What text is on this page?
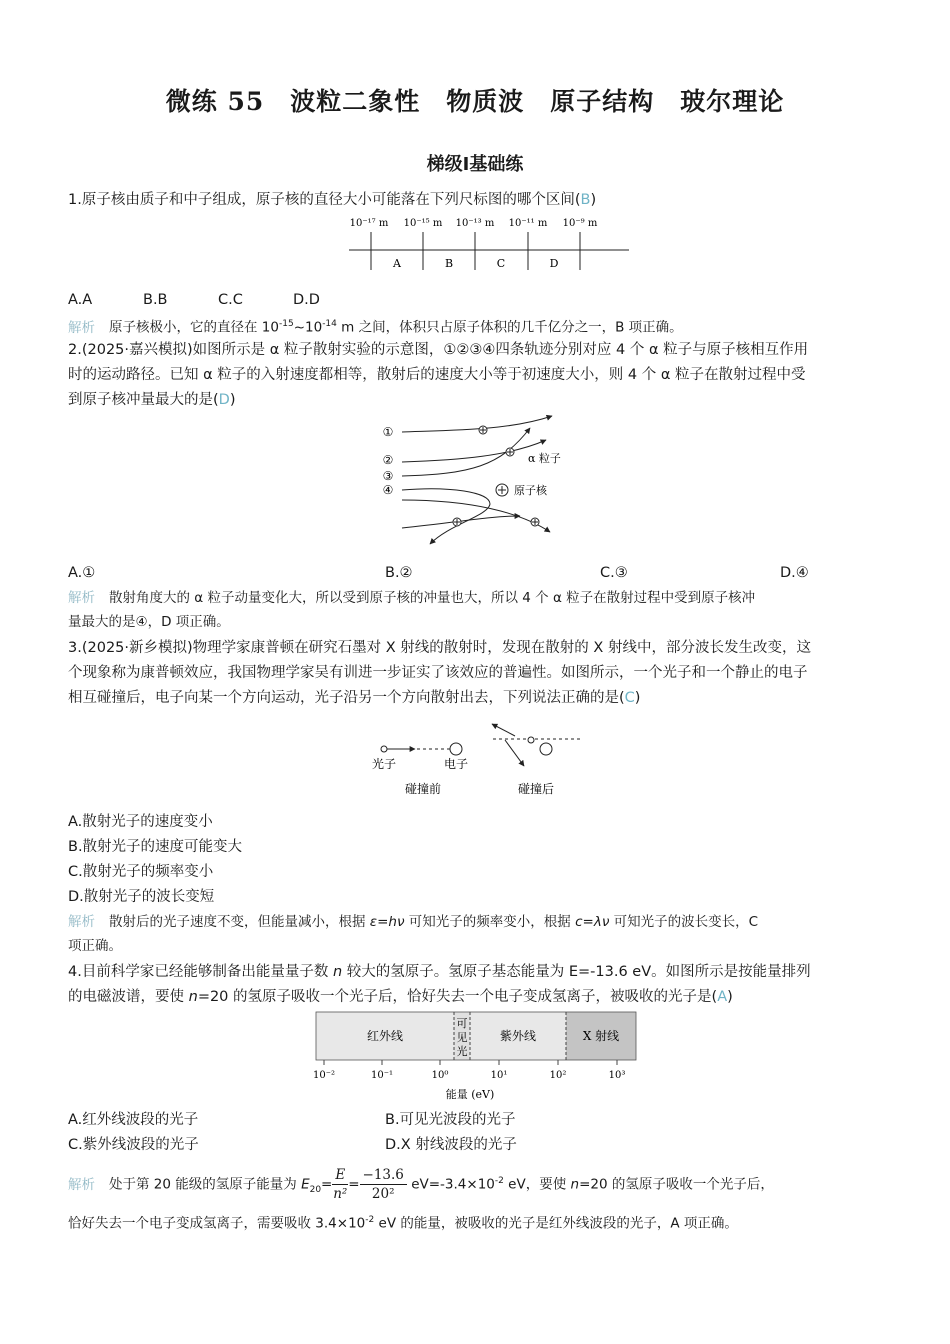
微练 55　波粒二象性　物质波　原子结构　玻尔理论
梯级Ⅰ基础练
1.原子核由质子和中子组成，原子核的直径大小可能落在下列尺标图的哪个区间(B)
10⁻¹⁷ m 10⁻¹⁵ m 10⁻¹³ m 10⁻¹¹ m 10⁻⁹ m
A	B	C	D
A.A	B.B	C.C	D.D
解析 原子核极小，它的直径在 $10^{-15}\sim 10^{-14}$ m 之间，体积只占原子体积的几千亿分之一，B 项正确。
2.(2025·嘉兴模拟)如图所示是 α 粒子散射实验的示意图，①②③④四条轨迹分别对应 4 个 α 粒子与原子核相互作用
时的运动路径。已知 α 粒子的入射速度都相等，散射后的速度大小等于初速度大小，则 4 个 α 粒子在散射过程中受
到原子核冲量最大的是(D)
①
②
③
④
α 粒子
原子核
A.①	B.②	C.③	D.④
解析 散射角度大的 α 粒子动量变化大，所以受到原子核的冲量也大，所以 4 个 α 粒子在散射过程中受到原子核冲
量最大的是④，D 项正确。
3.(2025·新乡模拟)物理学家康普顿在研究石墨对 X 射线的散射时，发现在散射的 X 射线中，部分波长发生改变，这
个现象称为康普顿效应，我国物理学家吴有训进一步证实了该效应的普遍性。如图所示，一个光子和一个静止的电子
相互碰撞后，电子向某一个方向运动，光子沿另一个方向散射出去，下列说法正确的是(C)
光子	电子
碰撞前	碰撞后
A.散射光子的速度变小
B.散射光子的速度可能变大
C.散射光子的频率变小
D.散射光子的波长变短
解析 散射后的光子速度不变，但能量减小，根据 ε=hν 可知光子的频率变小，根据 c=λν 可知光子的波长变长，C
项正确。
4.目前科学家已经能够制备出能量量子数 n 较大的氢原子。氢原子基态能量为 E=-13.6 eV。如图所示是按能量排列
的电磁波谱，要使 n=20 的氢原子吸收一个光子后，恰好失去一个电子变成氢离子，被吸收的光子是(A)
红外线
可
见
光
紫外线	X 射线
10⁻²	10⁻¹	10⁰	10¹	10²	10³
能量 (eV)
A.红外线波段的光子	B.可见光波段的光子
C.紫外线波段的光子	D.X 射线波段的光子
解析 处于第 20 能级的氢原子能量为 $E_{20}= \frac{E}{\text{n²}} = \frac{-13.6}{\text{20²}} eV=-3.4\times 10^{-2}$ eV，要使 n=20 的氢原子吸收一个光子后，
恰好失去一个电子变成氢离子，需要吸收 $3.4\times 10^{-2}$ eV 的能量，被吸收的光子是红外线波段的光子，A 项正确。
